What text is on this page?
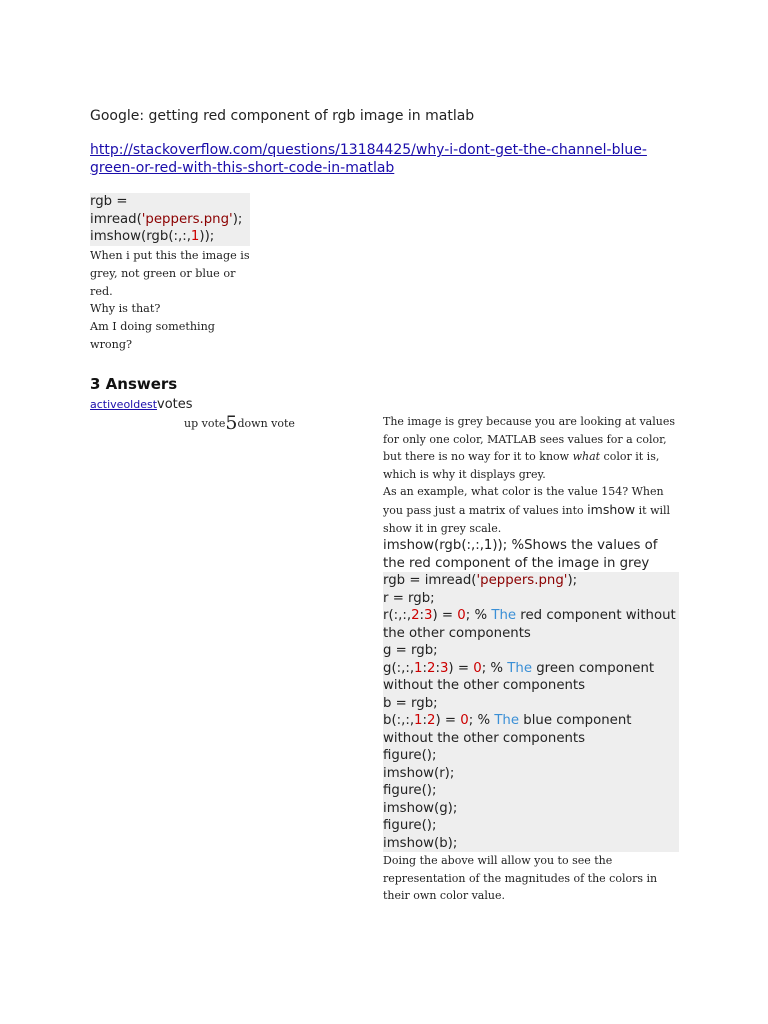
Google: getting red component of rgb image in matlab
http://stackoverflow.com/questions/13184425/why-i-dont-get-the-channel-blue-green-or-red-with-this-short-code-in-matlab
rgb =
imread('peppers.png');
imshow(rgb(:,:,1));
When i put this the image is
grey, not green or blue or red.
Why is that?
Am I doing something
wrong?
3 Answers
activeoldestvotes
up vote5down vote	The image is grey because you are looking at values for only one color, MATLAB sees values for a color, but there is no way for it to know what color it is, which is why it displays grey.

As an example, what color is the value 154? When you pass just a matrix of values into imshow it will show it in grey scale.

imshow(rgb(:,:,1)); %Shows the values of the red component of the image in grey
rgb = imread('peppers.png');
r = rgb;
r(:,:,2:3) = 0; % The red component without the other components
g = rgb;
g(:,:,1:2:3) = 0; % The green component without the other components
b = rgb;
b(:,:,1:2) = 0; % The blue component without the other components
figure();
imshow(r);
figure();
imshow(g);
figure();
imshow(b);

Doing the above will allow you to see the representation of the magnitudes of the colors in their own color value.
